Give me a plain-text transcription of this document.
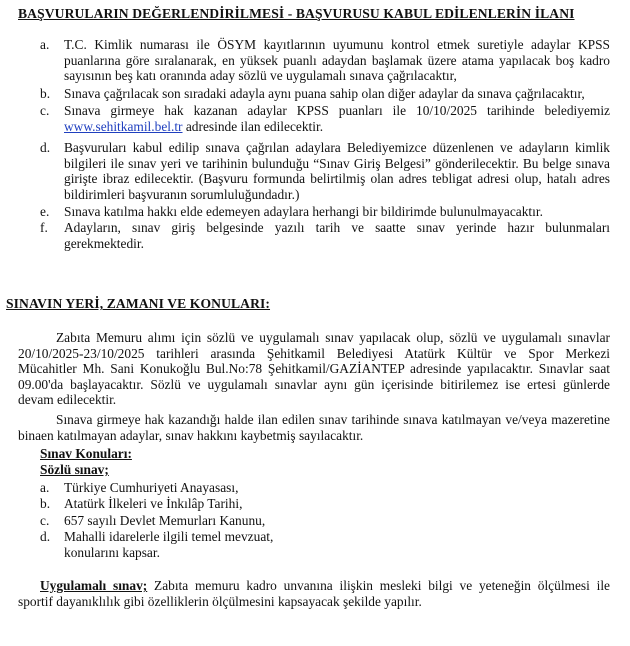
BAŞVURULARIN DEĞERLENDİRİLMESİ - BAŞVURUSU KABUL EDİLENLERİN İLANI
a. T.C. Kimlik numarası ile ÖSYM kayıtlarının uyumunu kontrol etmek suretiyle adaylar KPSS
puanlarına göre sıralanarak, en yüksek puanlı adaydan başlamak üzere atama yapılacak boş kadro
sayısının beş katı oranında aday sözlü ve uygulamalı sınava çağrılacaktır,
b. Sınava çağrılacak son sıradaki adayla aynı puana sahip olan diğer adaylar da sınava çağrılacaktır,
c. Sınava girmeye hak kazanan adaylar KPSS puanları ile 10/10/2025 tarihinde belediyemiz
www.sehitkamil.bel.tr adresinde ilan edilecektir.
d. Başvuruları kabul edilip sınava çağrılan adaylara Belediyemizce düzenlenen ve adayların kimlik
bilgileri ile sınav yeri ve tarihinin bulunduğu “Sınav Giriş Belgesi” gönderilecektir. Bu belge sınava
girişte ibraz edilecektir. (Başvuru formunda belirtilmiş olan adres tebligat adresi olup, hatalı adres
bildirimleri başvuranın sorumluluğundadır.)
e. Sınava katılma hakkı elde edemeyen adaylara herhangi bir bildirimde bulunulmayacaktır.
f. Adayların, sınav giriş belgesinde yazılı tarih ve saatte sınav yerinde hazır bulunmaları
gerekmektedir.
SINAVIN YERİ, ZAMANI VE KONULARI:
Zabıta Memuru alımı için sözlü ve uygulamalı sınav yapılacak olup, sözlü ve uygulamalı sınavlar
20/10/2025-23/10/2025 tarihleri arasında Şehitkamil Belediyesi Atatürk Kültür ve Spor Merkezi
Mücahitler Mh. Sani Konukoğlu Bul.No:78 Şehitkamil/GAZİANTEP adresinde yapılacaktır. Sınavlar saat
09.00'da başlayacaktır. Sözlü ve uygulamalı sınavlar aynı gün içerisinde bitirilemez ise ertesi günlerde
devam edilecektir.
Sınava girmeye hak kazandığı halde ilan edilen sınav tarihinde sınava katılmayan ve/veya mazeretine
binaen katılmayan adaylar, sınav hakkını kaybetmiş sayılacaktır.
Sınav Konuları:
Sözlü sınav;
a. Türkiye Cumhuriyeti Anayasası,
b. Atatürk İlkeleri ve İnkılâp Tarihi,
c. 657 sayılı Devlet Memurları Kanunu,
d. Mahalli idarelerle ilgili temel mevzuat,
konularını kapsar.
Uygulamalı sınav; Zabıta memuru kadro unvanına ilişkin mesleki bilgi ve yeteneğin ölçülmesi ile
sportif dayanıklılık gibi özelliklerin ölçülmesini kapsayacak şekilde yapılır.
